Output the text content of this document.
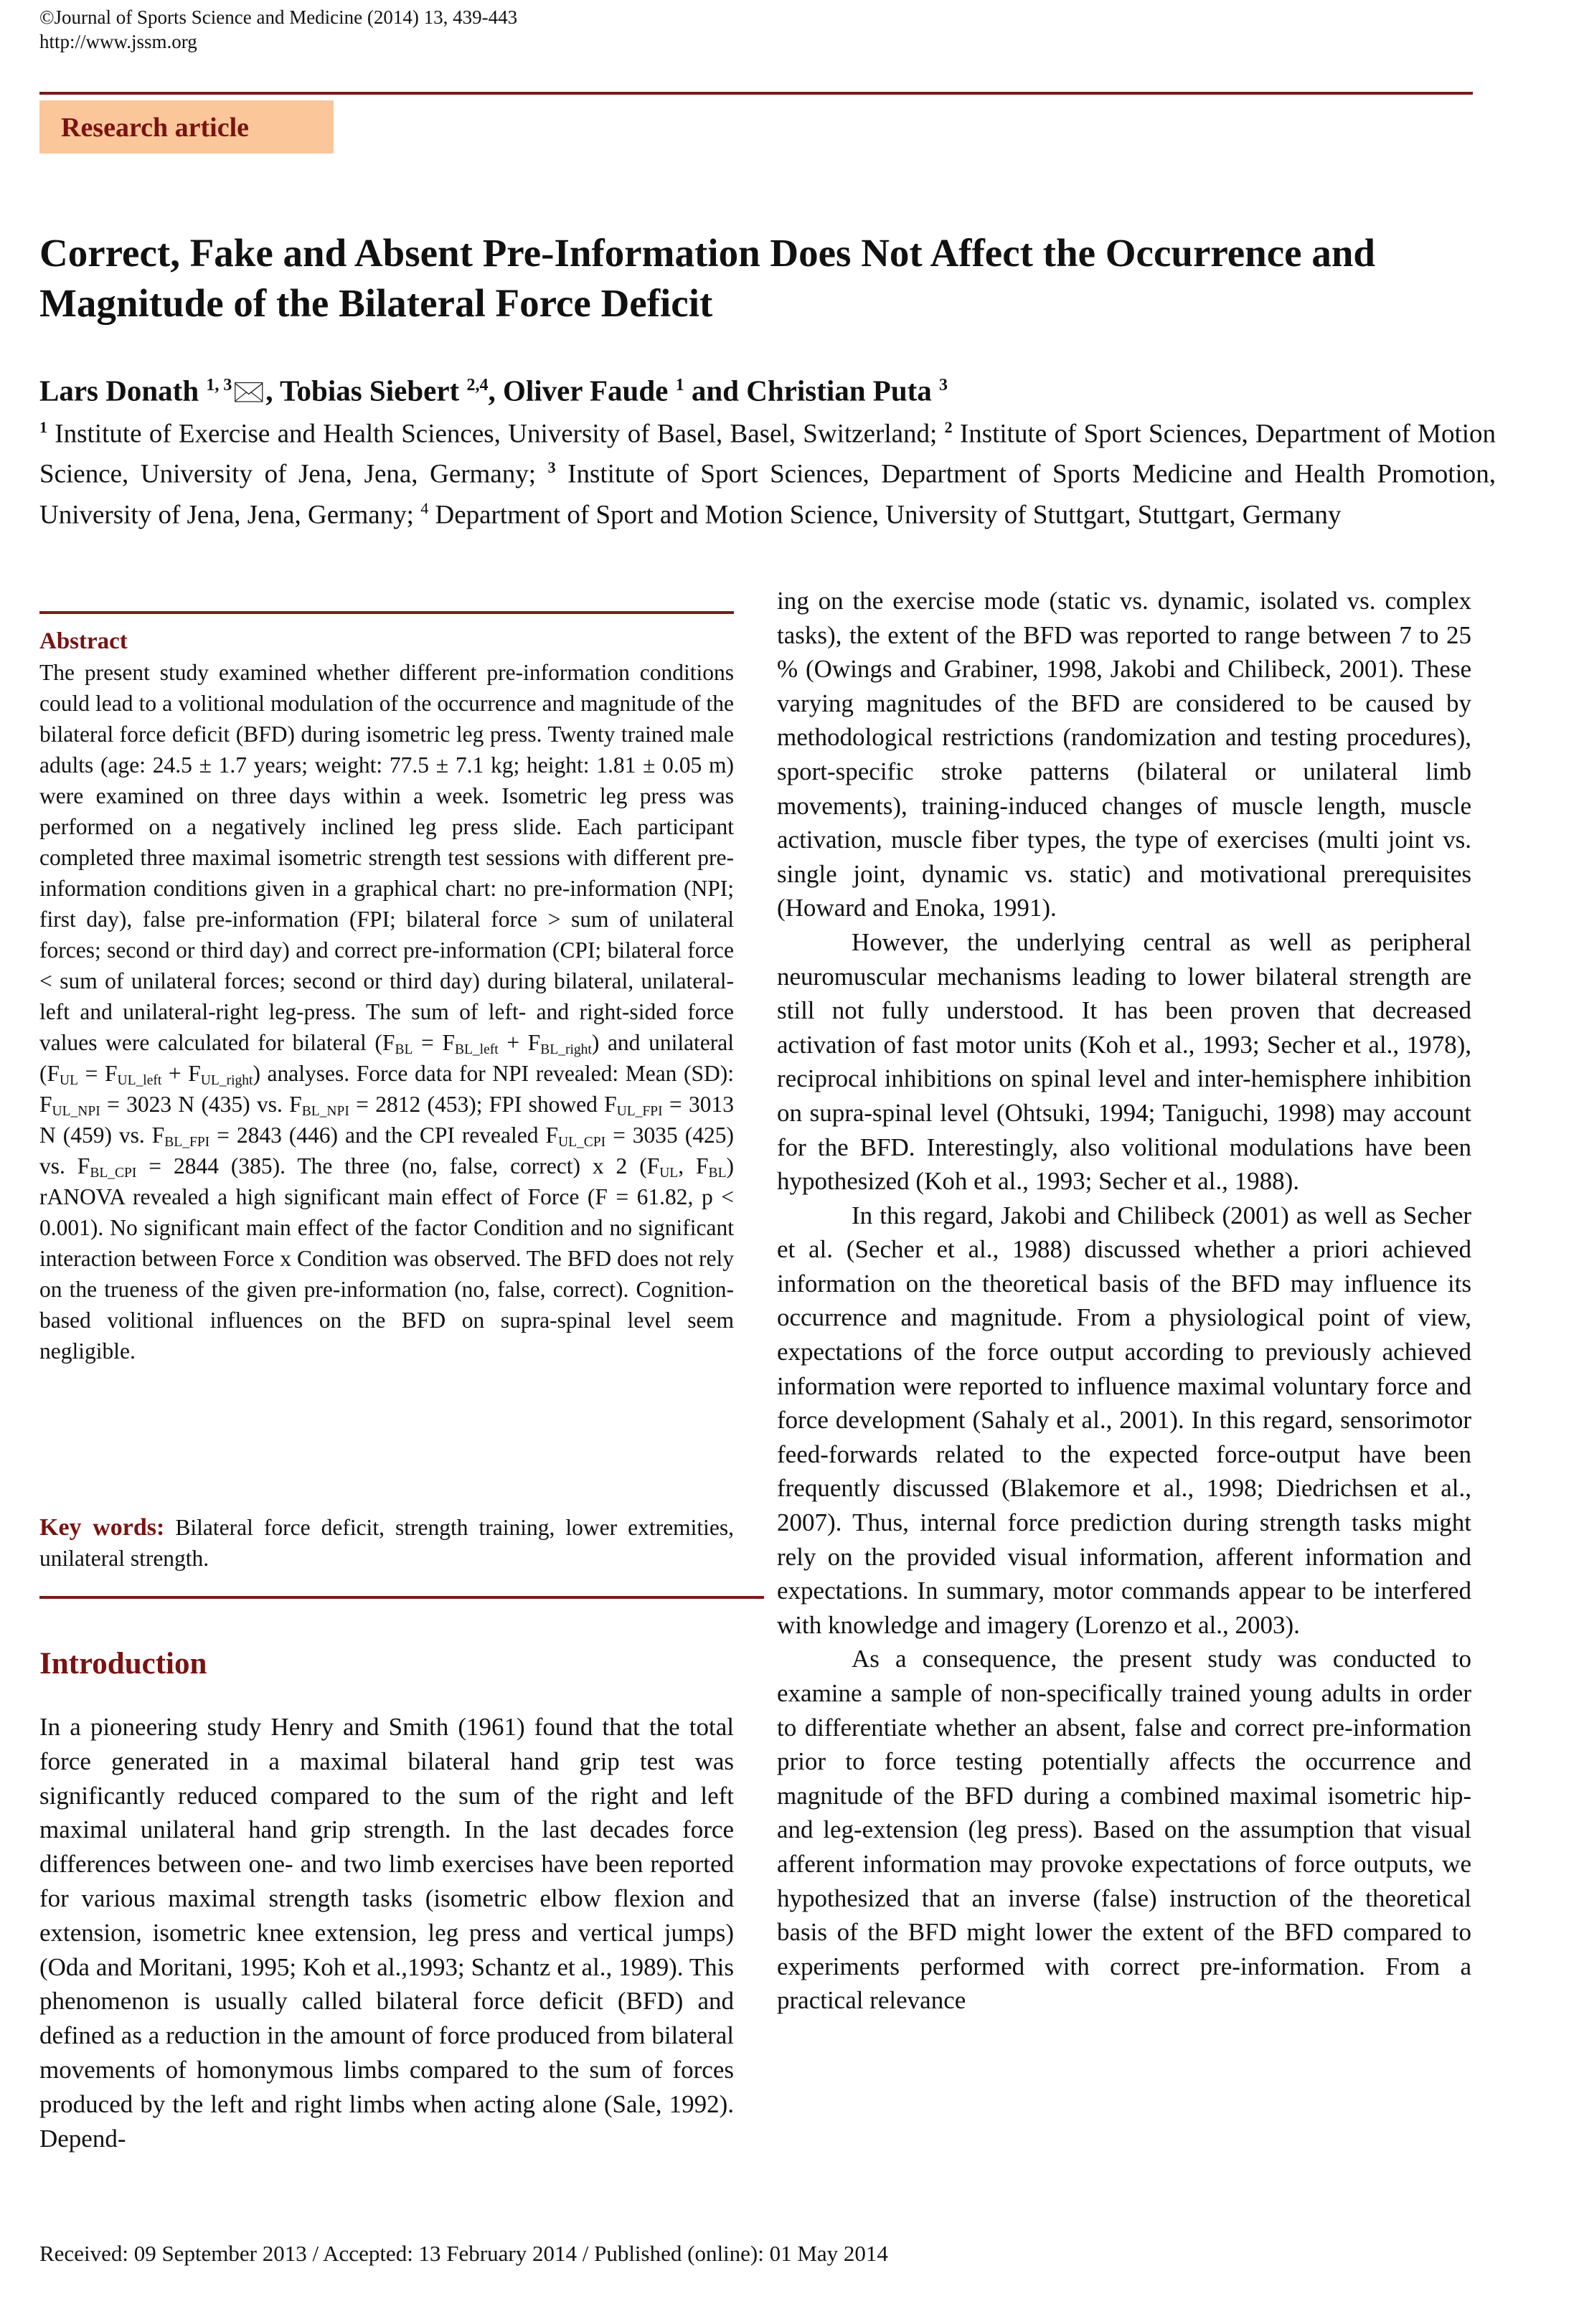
©Journal of Sports Science and Medicine (2014) 13, 439-443
http://www.jssm.org
Research article
Correct, Fake and Absent Pre-Information Does Not Affect the Occurrence and Magnitude of the Bilateral Force Deficit
Lars Donath $^{1, 3}$🖂, Tobias Siebert $^{2,4}$, Oliver Faude $^1$ and Christian Puta $^3$
$^1$ Institute of Exercise and Health Sciences, University of Basel, Basel, Switzerland; $^2$ Institute of Sport Sciences, Department of Motion Science, University of Jena, Jena, Germany; $^3$ Institute of Sport Sciences, Department of Sports Medicine and Health Promotion, University of Jena, Jena, Germany; $^4$ Department of Sport and Motion Science, University of Stuttgart, Stuttgart, Germany
Abstract

The present study examined whether different pre-information conditions could lead to a volitional modulation of the occurrence and magnitude of the bilateral force deficit (BFD) during isometric leg press. Twenty trained male adults (age: 24.5 ± 1.7 years; weight: 77.5 ± 7.1 kg; height: 1.81 ± 0.05 m) were examined on three days within a week. Isometric leg press was performed on a negatively inclined leg press slide. Each participant completed three maximal isometric strength test sessions with different pre-information conditions given in a graphical chart: no pre-information (NPI; first day), false pre-information (FPI; bilateral force > sum of unilateral forces; second or third day) and correct pre-information (CPI; bilateral force < sum of unilateral forces; second or third day) during bilateral, unilateral-left and unilateral-right leg-press. The sum of left- and right-sided force values were calculated for bilateral $(F_{BL} = F_{BL\_left} + F_{BL\_right})$ and unilateral $(F_{UL} = F_{UL\_left} + F_{UL\_right})$ analyses. Force data for NPI revealed: Mean (SD): $F_{UL\_NPI} = 3023$ N (435) vs. $F_{BL\_NPI} = 2812$ (453); FPI showed $F_{UL\_FPI} = 3013$ N (459) vs. $F_{BL\_FPI} = 2843$ (446) and the CPI revealed $F_{UL\_CPI} = 3035$ (425) vs. $F_{BL\_CPI} = 2844$ (385). The three (no, false, correct) x 2 ($F_{UL}$, $F_{BL}$) rANOVA revealed a high significant main effect of Force (F = 61.82, p < 0.001). No significant main effect of the factor Condition and no significant interaction between Force x Condition was observed. The BFD does not rely on the trueness of the given pre-information (no, false, correct). Cognition-based volitional influences on the BFD on supra-spinal level seem negligible.

Key words: Bilateral force deficit, strength training, lower extremities, unilateral strength.
Introduction

In a pioneering study Henry and Smith (1961) found that the total force generated in a maximal bilateral hand grip test was significantly reduced compared to the sum of the right and left maximal unilateral hand grip strength. In the last decades force differences between one- and two limb exercises have been reported for various maximal strength tasks (isometric elbow flexion and extension, isometric knee extension, leg press and vertical jumps) (Oda and Moritani, 1995; Koh et al.,1993; Schantz et al., 1989). This phenomenon is usually called bilateral force deficit (BFD) and defined as a reduction in the amount of force produced from bilateral movements of homonymous limbs compared to the sum of forces produced by the left and right limbs when acting alone (Sale, 1992). Depend-

ing on the exercise mode (static vs. dynamic, isolated vs. complex tasks), the extent of the BFD was reported to range between 7 to 25 % (Owings and Grabiner, 1998, Jakobi and Chilibeck, 2001). These varying magnitudes of the BFD are considered to be caused by methodological restrictions (randomization and testing procedures), sport-specific stroke patterns (bilateral or unilateral limb movements), training-induced changes of muscle length, muscle activation, muscle fiber types, the type of exercises (multi joint vs. single joint, dynamic vs. static) and motivational prerequisites (Howard and Enoka, 1991).

However, the underlying central as well as peripheral neuromuscular mechanisms leading to lower bilateral strength are still not fully understood. It has been proven that decreased activation of fast motor units (Koh et al., 1993; Secher et al., 1978), reciprocal inhibitions on spinal level and inter-hemisphere inhibition on supra-spinal level (Ohtsuki, 1994; Taniguchi, 1998) may account for the BFD. Interestingly, also volitional modulations have been hypothesized (Koh et al., 1993; Secher et al., 1988).

In this regard, Jakobi and Chilibeck (2001) as well as Secher et al. (Secher et al., 1988) discussed whether a priori achieved information on the theoretical basis of the BFD may influence its occurrence and magnitude. From a physiological point of view, expectations of the force output according to previously achieved information were reported to influence maximal voluntary force and force development (Sahaly et al., 2001). In this regard, sensorimotor feed-forwards related to the expected force-output have been frequently discussed (Blakemore et al., 1998; Diedrichsen et al., 2007). Thus, internal force prediction during strength tasks might rely on the provided visual information, afferent information and expectations. In summary, motor commands appear to be interfered with knowledge and imagery (Lorenzo et al., 2003).

As a consequence, the present study was conducted to examine a sample of non-specifically trained young adults in order to differentiate whether an absent, false and correct pre-information prior to force testing potentially affects the occurrence and magnitude of the BFD during a combined maximal isometric hip- and leg-extension (leg press). Based on the assumption that visual afferent information may provoke expectations of force outputs, we hypothesized that an inverse (false) instruction of the theoretical basis of the BFD might lower the extent of the BFD compared to experiments performed with correct pre-information. From a practical relevance

Received: 09 September 2013 / Accepted: 13 February 2014 / Published (online): 01 May 2014
